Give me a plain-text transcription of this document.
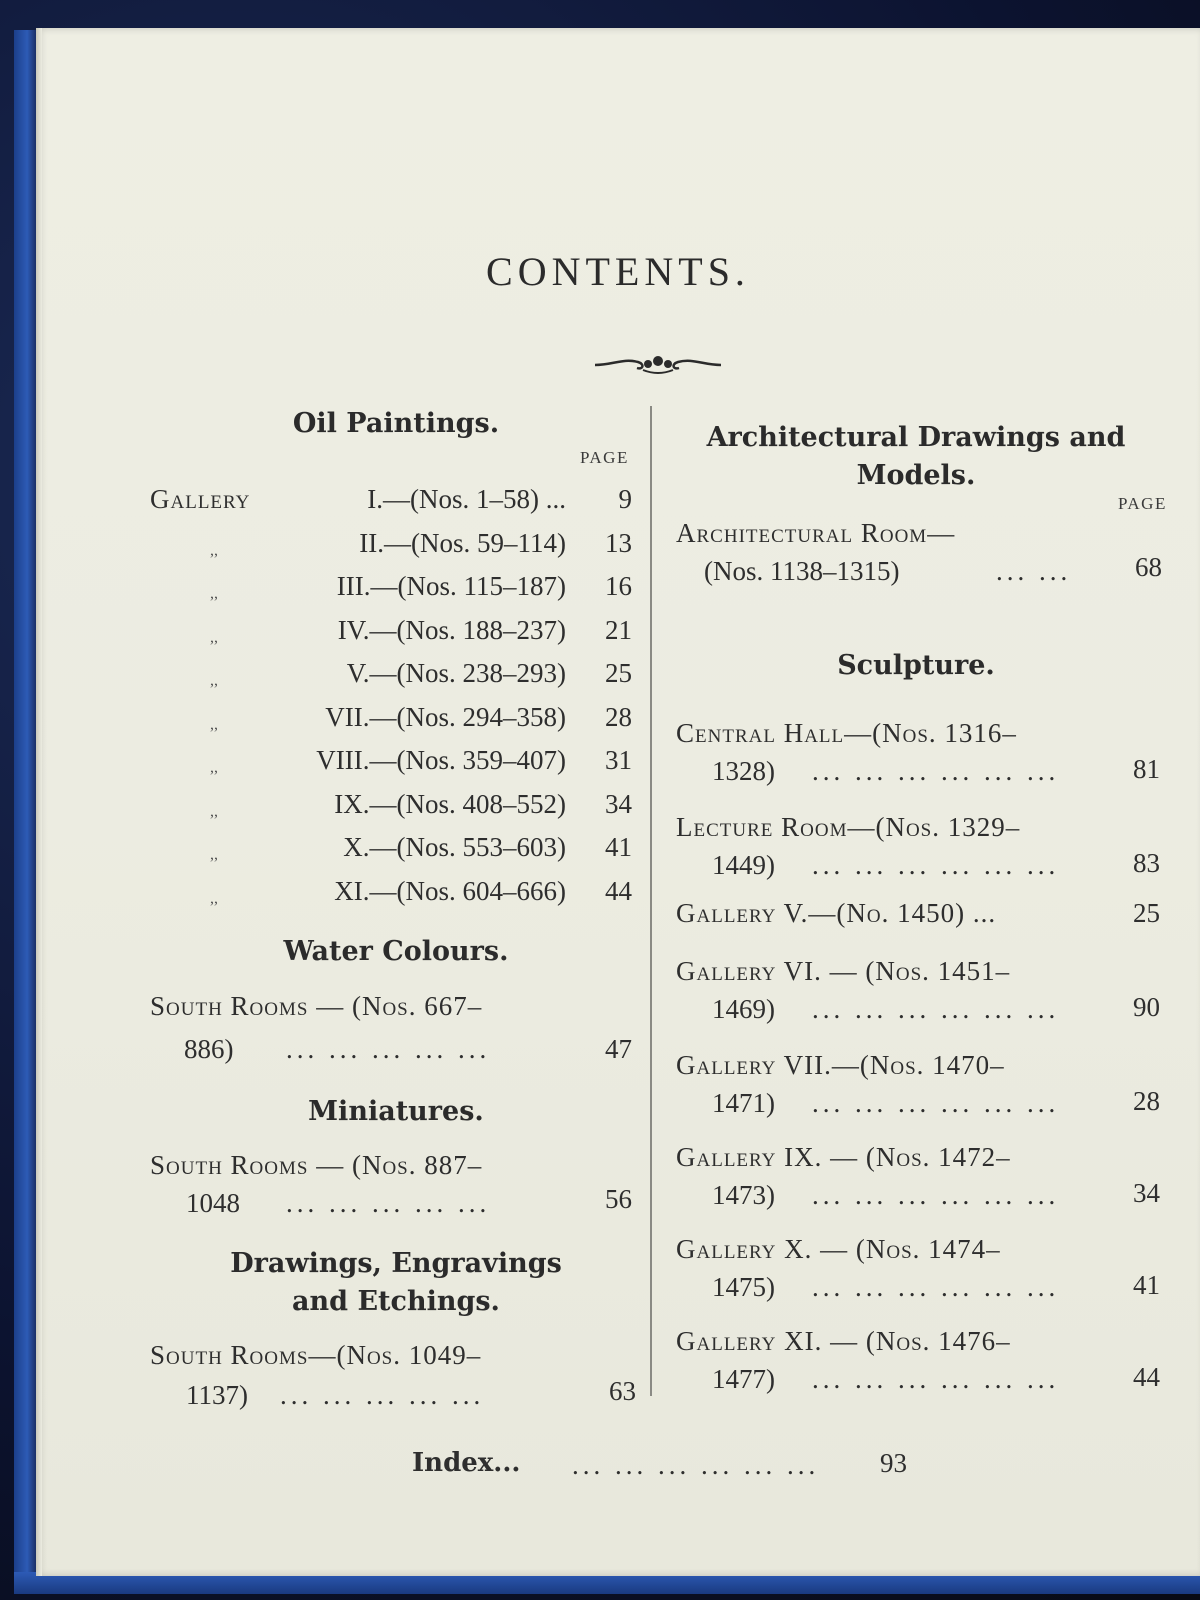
CONTENTS.
Oil Paintings.
PAGE
Gallery	I.—(Nos. 1–58) ...	9
,,	II.—(Nos. 59–114)	13
,,	III.—(Nos. 115–187)	16
,,	IV.—(Nos. 188–237)	21
,,	V.—(Nos. 238–293)	25
,,	VII.—(Nos. 294–358)	28
,,	VIII.—(Nos. 359–407)	31
,,	IX.—(Nos. 408–552)	34
,,	X.—(Nos. 553–603)	41
,,	XI.—(Nos. 604–666)	44
Water Colours.
South Rooms — (Nos. 667–
886) ... ... ... ... ...	47
Miniatures.
South Rooms — (Nos. 887–
1048 ... ... ... ... ...	56
Drawings, Engravings
and Etchings.
South Rooms—(Nos. 1049–
1137) ... ... ... ... ...	63
Architectural Drawings and
Models.
PAGE
Architectural Room—
(Nos. 1138–1315)	... ...	68
Sculpture.
Central Hall—(Nos. 1316–
1328) ... ... ... ... ... ...	81
Lecture Room—(Nos. 1329–
1449) ... ... ... ... ... ...	83
Gallery V.—(No. 1450) ...	25
Gallery VI. — (Nos. 1451–
1469) ... ... ... ... ... ...	90
Gallery VII.—(Nos. 1470–
1471) ... ... ... ... ... ...	28
Gallery IX. — (Nos. 1472–
1473) ... ... ... ... ... ...	34
Gallery X. — (Nos. 1474–
1475) ... ... ... ... ... ...	41
Gallery XI. — (Nos. 1476–
1477) ... ... ... ... ... ...	44
Index... ... ... ... ... ... ... 93
